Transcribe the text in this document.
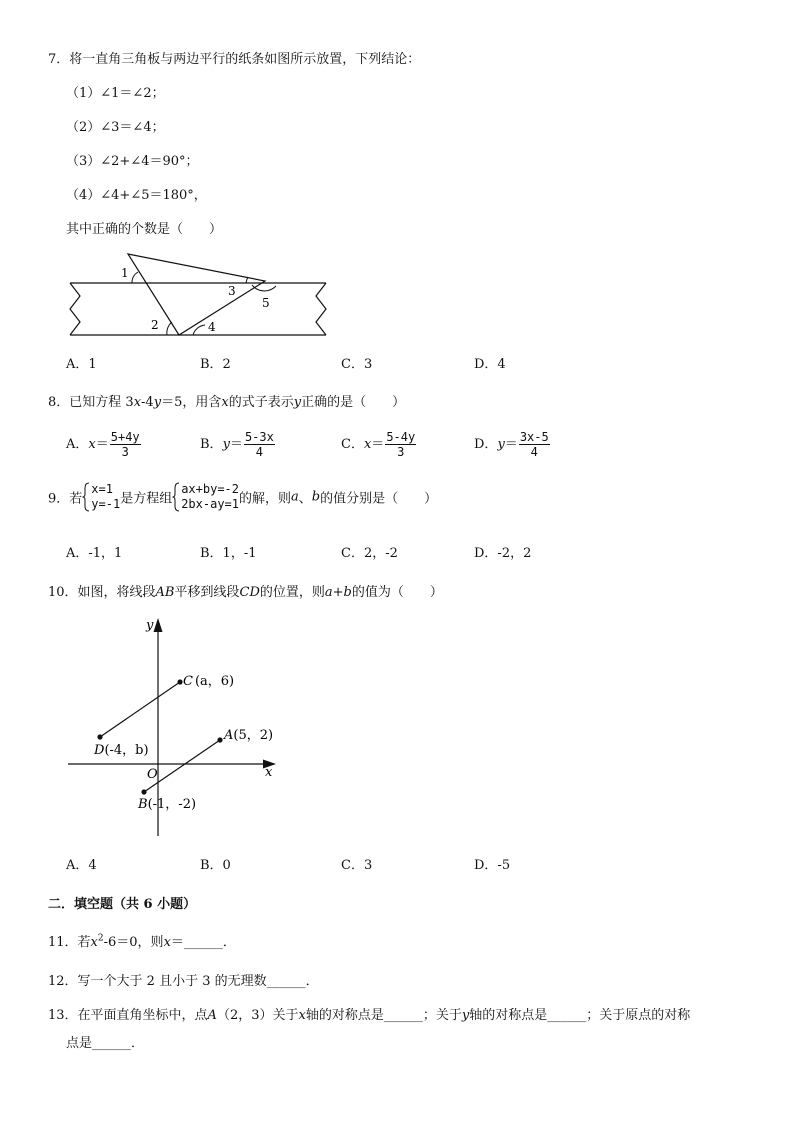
7．将一直角三角板与两边平行的纸条如图所示放置，下列结论：
（1）∠1＝∠2；
（2）∠3＝∠4；
（3）∠2+∠4＝90°；
（4）∠4+∠5＝180°，
其中正确的个数是（　　）
1
2
3
4
5
A．1	B．2	C．3	D．4
8．已知方程 3x-4y＝5，用含x的式子表示y正确的是（　　）
A．$x= \frac{5+4y}{3}$	B．$y= \frac{5-3x}{4}$	C．$x= \frac{5-4y}{3}$	D．$y= \frac{3x-5}{4}$
9．若
x=1
y=-1 是方程组
ax+by=-2
2bx-ay=1 的解，则a、b的值分别是（　　）
A．-1，1	B．1，-1	C．2，-2	D．-2，2
10．如图，将线段AB平移到线段CD的位置，则a+b的值为（　　）
y
x
O
C (a，6)
D(-4，b)
A(5，2)
B(-1，-2)
A．4	B．0	C．3	D．-5
二．填空题（共 6 小题）
11．若$x^2-6=0$，则x＝______．
12．写一个大于 2 且小于 3 的无理数______．
13．在平面直角坐标中，点A（2，3）关于x轴的对称点是______；关于y轴的对称点是______；关于原点的对称
点是______．
